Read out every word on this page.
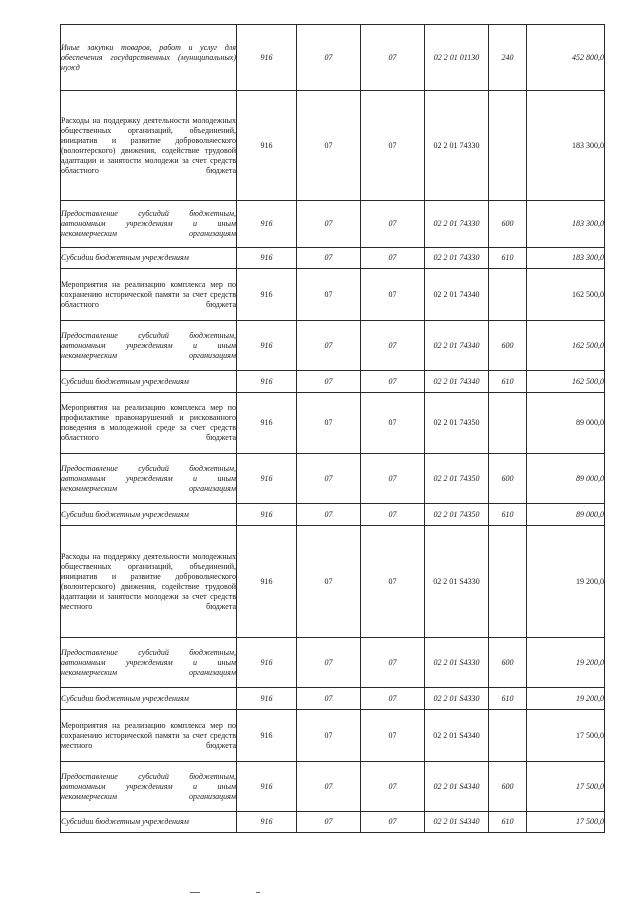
Иные закупки товаров, работ и услуг для обеспечения государственных (муниципальных) нужд	916	07	07	02 2 01 01130	240	452 800,0
Расходы на поддержку деятельности молодежных общественных организаций, объединений, инициатив и развитие добровольческого (волонтерского) движения, содействие трудовой адаптации и занятости молодежи за счет средств областного бюджета	916	07	07	02 2 01 74330		183 300,0
Предоставление субсидий бюджетным, автономным учреждениям и иным некоммерческим организациям	916	07	07	02 2 01 74330	600	183 300,0
Субсидии бюджетным учреждениям	916	07	07	02 2 01 74330	610	183 300,0
Мероприятия на реализацию комплекса мер по сохранению исторической памяти за счет средств областного бюджета	916	07	07	02 2 01 74340		162 500,0
Предоставление субсидий бюджетным, автономным учреждениям и иным некоммерческим организациям	916	07	07	02 2 01 74340	600	162 500,0
Субсидии бюджетным учреждениям	916	07	07	02 2 01 74340	610	162 500,0
Мероприятия на реализацию комплекса мер по профилактике правонарушений и рискованного поведения в молодежной среде за счет средств областного бюджета	916	07	07	02 2 01 74350		89 000,0
Предоставление субсидий бюджетным, автономным учреждениям и иным некоммерческим организациям	916	07	07	02 2 01 74350	600	89 000,0
Субсидии бюджетным учреждениям	916	07	07	02 2 01 74350	610	89 000,0
Расходы на поддержку деятельности молодежных общественных организаций, объединений, инициатив и развитие добровольческого (волонтерского) движения, содействие трудовой адаптации и занятости молодежи за счет средств местного бюджета	916	07	07	02 2 01 S4330		19 200,0
Предоставление субсидий бюджетным, автономным учреждениям и иным некоммерческим организациям	916	07	07	02 2 01 S4330	600	19 200,0
Субсидии бюджетным учреждениям	916	07	07	02 2 01 S4330	610	19 200,0
Мероприятия на реализацию комплекса мер по сохранению исторической памяти за счет средств местного бюджета	916	07	07	02 2 01 S4340		17 500,0
Предоставление субсидий бюджетным, автономным учреждениям и иным некоммерческим организациям	916	07	07	02 2 01 S4340	600	17 500,0
Субсидии бюджетным учреждениям	916	07	07	02 2 01 S4340	610	17 500,0
